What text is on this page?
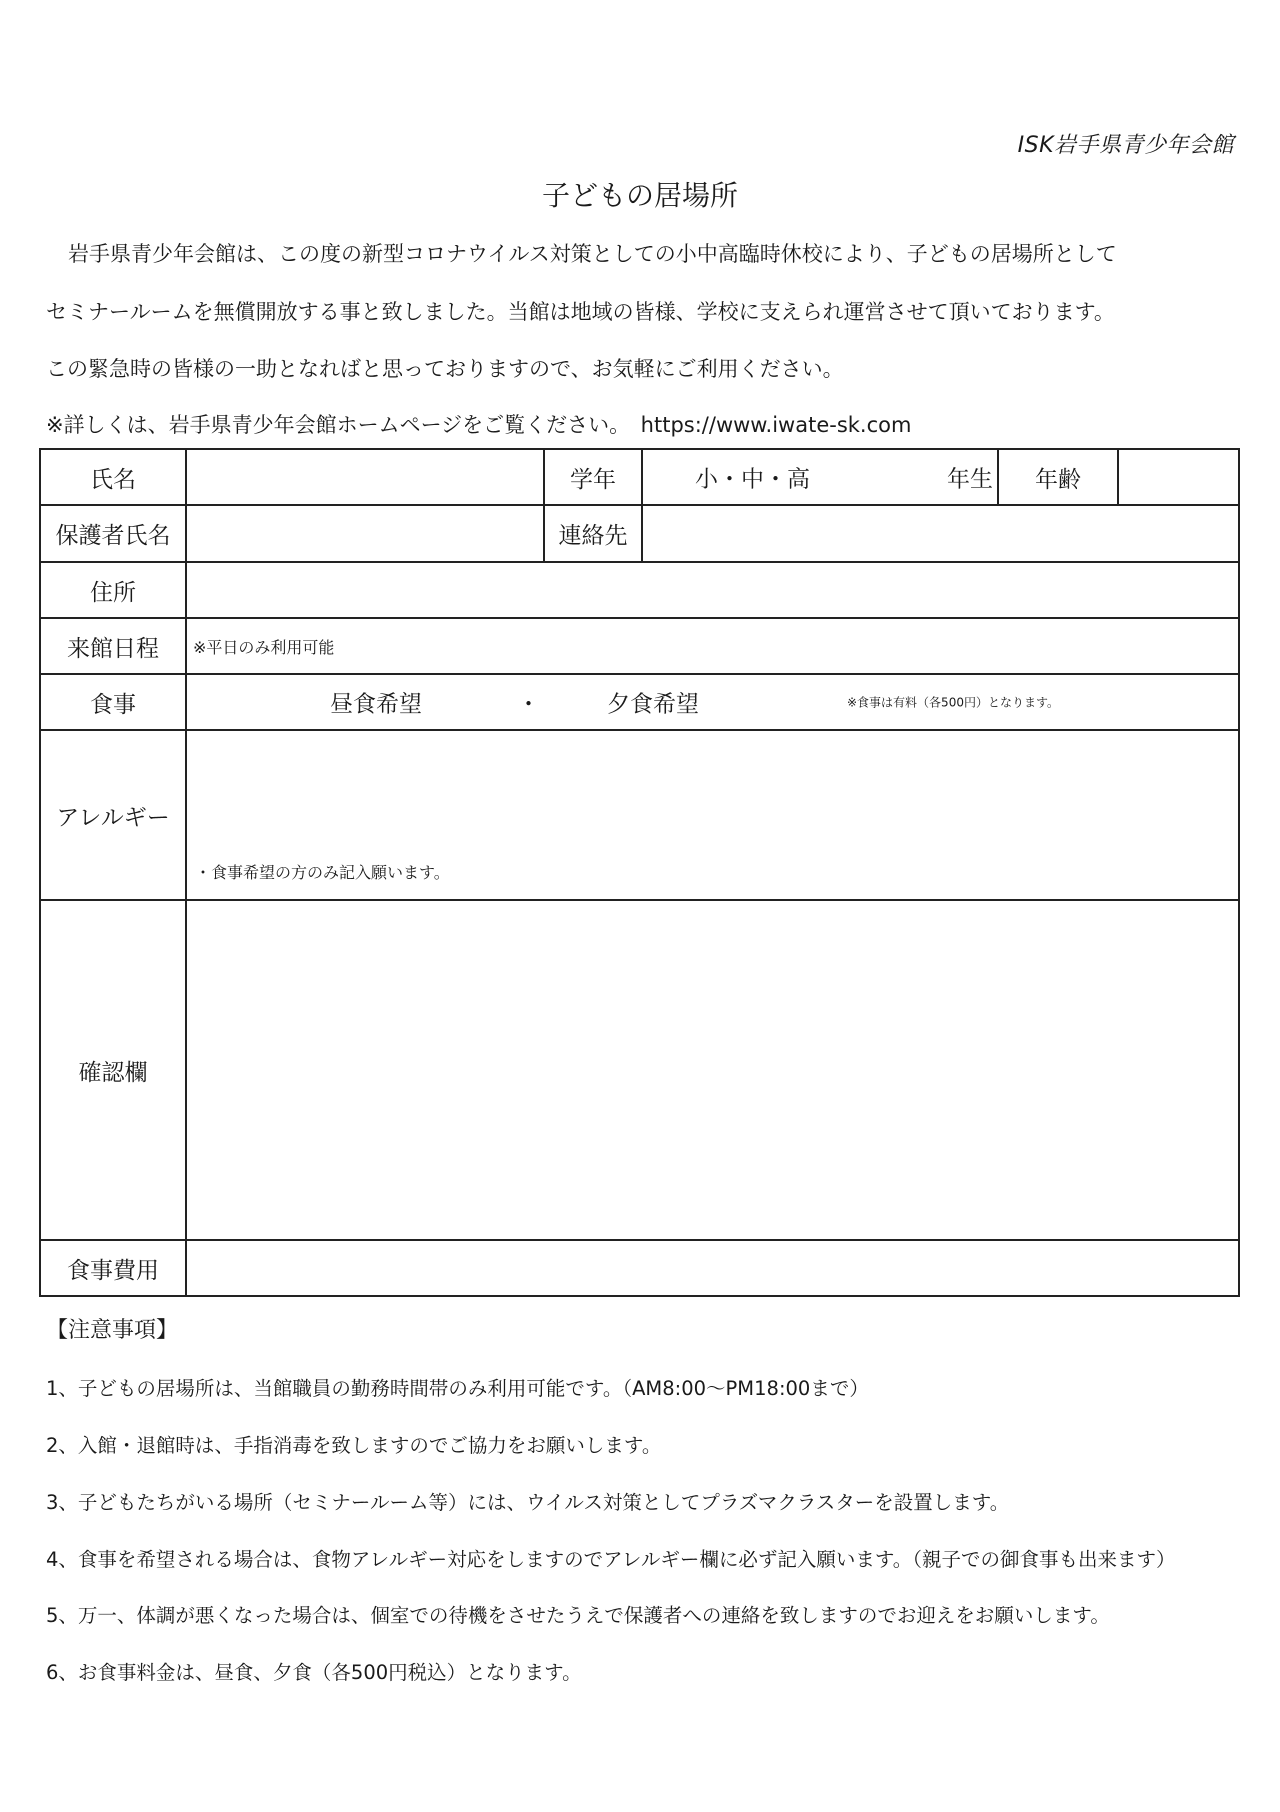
ISK岩手県青少年会館
子どもの居場所
岩手県青少年会館は、この度の新型コロナウイルス対策としての小中高臨時休校により、子どもの居場所として
セミナールームを無償開放する事と致しました。当館は地域の皆様、学校に支えられ運営させて頂いております。
この緊急時の皆様の一助となればと思っておりますので、お気軽にご利用ください。
※詳しくは、岩手県青少年会館ホームページをご覧ください。　https://www.iwate-sk.com
氏名		学年	小・中・高 年生	年齢	
保護者氏名		連絡先			
住所					
来館日程	※平日のみ利用可能				
食事	昼食希望 ・ 夕食希望 ※食事は有料（各500円）となります。				

アレルギー	・食事希望の方のみ記入願います。				

確認欄					
食事費用					
【注意事項】
1、子どもの居場所は、当館職員の勤務時間帯のみ利用可能です。（AM8:00～PM18:00まで）
2、入館・退館時は、手指消毒を致しますのでご協力をお願いします。
3、子どもたちがいる場所（セミナールーム等）には、ウイルス対策としてプラズマクラスターを設置します。
4、食事を希望される場合は、食物アレルギー対応をしますのでアレルギー欄に必ず記入願います。（親子での御食事も出来ます）
5、万一、体調が悪くなった場合は、個室での待機をさせたうえで保護者への連絡を致しますのでお迎えをお願いします。
6、お食事料金は、昼食、夕食（各500円税込）となります。
